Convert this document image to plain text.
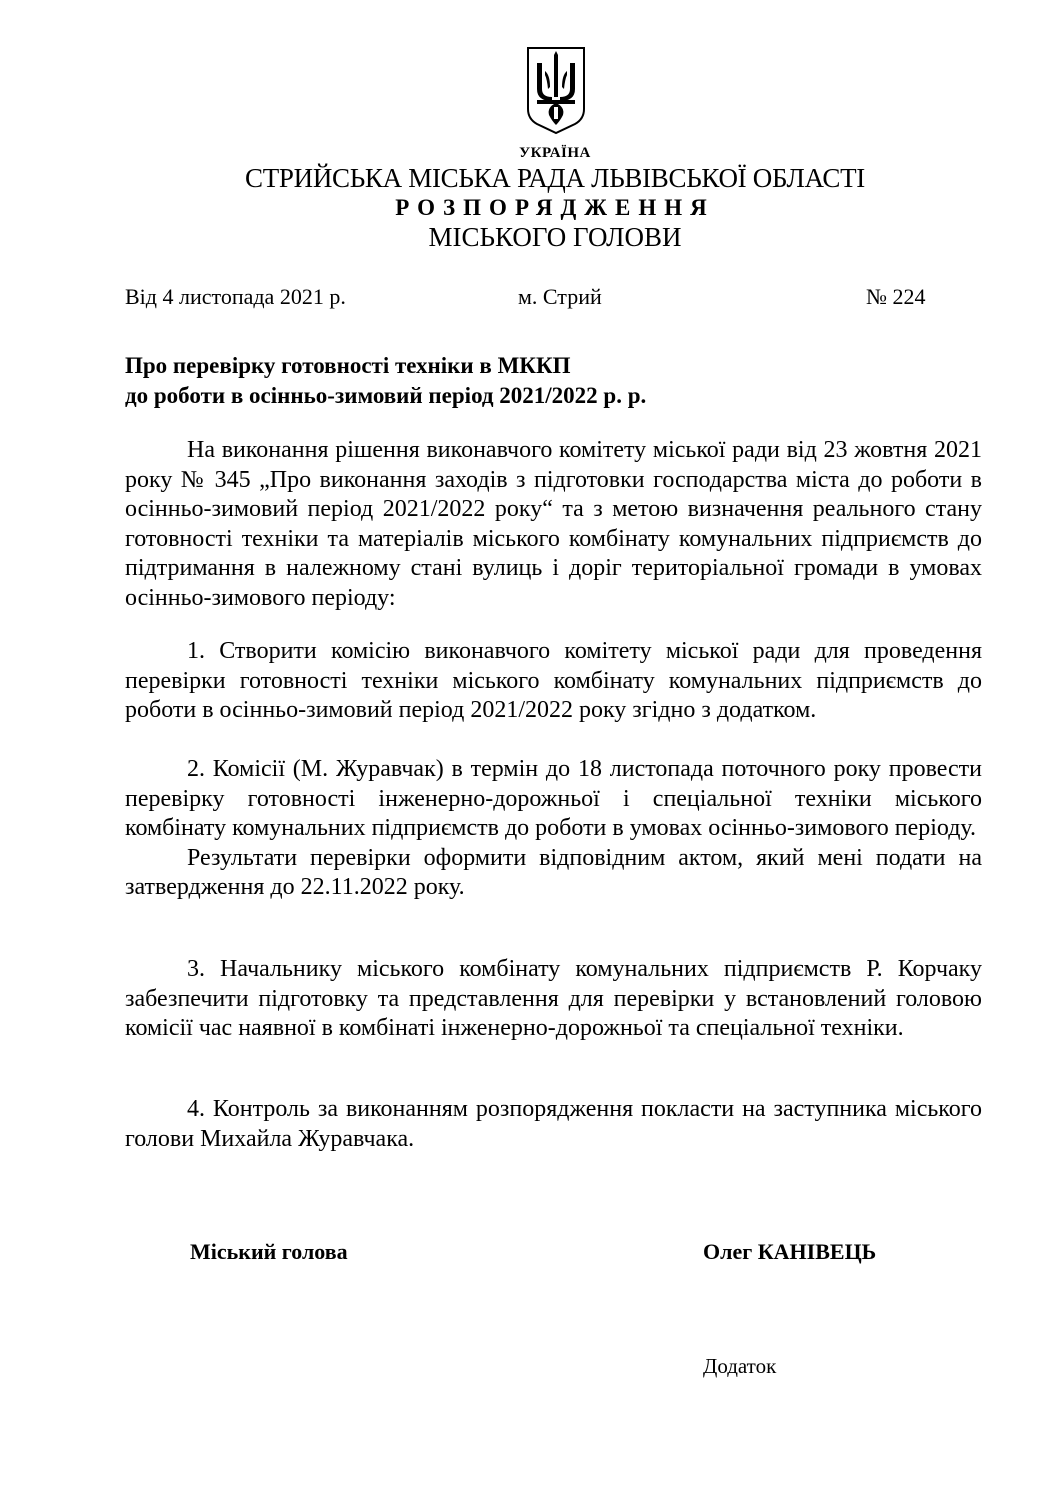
УКРАЇНА
СТРИЙСЬКА МІСЬКА РАДА ЛЬВІВСЬКОЇ ОБЛАСТІ
РОЗПОРЯДЖЕННЯ
МІСЬКОГО ГОЛОВИ
Від 4 листопада 2021 р.	м. Стрий	№ 224
Про перевірку готовності техніки в МККП
до роботи в осінньо-зимовий період 2021/2022 р. р.

На виконання рішення виконавчого комітету міської ради від 23 жовтня 2021 року № 345 „Про виконання заходів з підготовки господарства міста до роботи в осінньо-зимовий період 2021/2022 року“ та з метою визначення реального стану готовності техніки та матеріалів міського комбінату комунальних підприємств до підтримання в належному стані вулиць і доріг територіальної громади в умовах осінньо-зимового періоду:

1. Створити комісію виконавчого комітету міської ради для проведення перевірки готовності техніки міського комбінату комунальних підприємств до роботи в осінньо-зимовий період 2021/2022 року згідно з додатком.

2. Комісії (М. Журавчак) в термін до 18 листопада поточного року провести перевірку готовності інженерно-дорожньої і спеціальної техніки міського комбінату комунальних підприємств до роботи в умовах осінньо-зимового періоду.

Результати перевірки оформити відповідним актом, який мені подати на затвердження до 22.11.2022 року.

3. Начальнику міського комбінату комунальних підприємств Р. Корчаку забезпечити підготовку та представлення для перевірки у встановлений головою комісії час наявної в комбінаті інженерно-дорожньої та спеціальної техніки.

4. Контроль за виконанням розпорядження покласти на заступника міського голови Михайла Журавчака.

Міський голова	Олег КАНІВЕЦЬ
Додаток
